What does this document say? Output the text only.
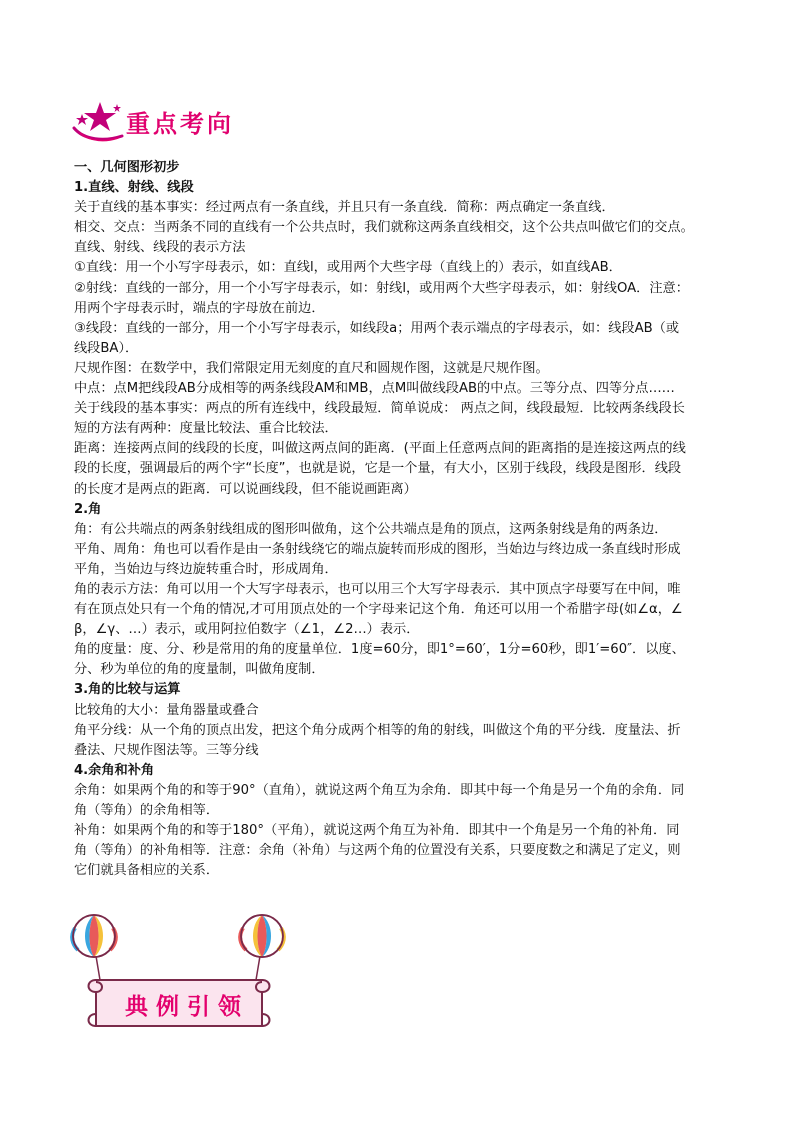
重点考向
一、几何图形初步
1.直线、射线、线段
关于直线的基本事实：经过两点有一条直线，并且只有一条直线．简称：两点确定一条直线．
相交、交点：当两条不同的直线有一个公共点时，我们就称这两条直线相交，这个公共点叫做它们的交点。
直线、射线、线段的表示方法
①直线：用一个小写字母表示，如：直线l，或用两个大些字母（直线上的）表示，如直线AB．
②射线：直线的一部分，用一个小写字母表示，如：射线l，或用两个大些字母表示，如：射线OA．注意：
用两个字母表示时，端点的字母放在前边．
③线段：直线的一部分，用一个小写字母表示，如线段a；用两个表示端点的字母表示，如：线段AB（或
线段BA）．
尺规作图：在数学中，我们常限定用无刻度的直尺和圆规作图，这就是尺规作图。
中点：点M把线段AB分成相等的两条线段AM和MB，点M叫做线段AB的中点。三等分点、四等分点……
关于线段的基本事实：两点的所有连线中，线段最短．简单说成： 两点之间，线段最短．比较两条线段长
短的方法有两种：度量比较法、重合比较法．
距离：连接两点间的线段的长度，叫做这两点间的距离．(平面上任意两点间的距离指的是连接这两点的线
段的长度，强调最后的两个字“长度”，也就是说，它是一个量，有大小，区别于线段，线段是图形．线段
的长度才是两点的距离．可以说画线段，但不能说画距离）
2.角
角：有公共端点的两条射线组成的图形叫做角，这个公共端点是角的顶点，这两条射线是角的两条边．
平角、周角：角也可以看作是由一条射线绕它的端点旋转而形成的图形，当始边与终边成一条直线时形成
平角，当始边与终边旋转重合时，形成周角．
角的表示方法：角可以用一个大写字母表示，也可以用三个大写字母表示．其中顶点字母要写在中间，唯
有在顶点处只有一个角的情况,才可用顶点处的一个字母来记这个角．角还可以用一个希腊字母(如∠α，∠
β，∠γ、…）表示，或用阿拉伯数字（∠1，∠2…）表示．
角的度量：度、分、秒是常用的角的度量单位．1度=60分，即1°=60′，1分=60秒，即1′=60″．以度、
分、秒为单位的角的度量制，叫做角度制．
3.角的比较与运算
比较角的大小：量角器量或叠合
角平分线：从一个角的顶点出发，把这个角分成两个相等的角的射线，叫做这个角的平分线．度量法、折
叠法、尺规作图法等。三等分线
4.余角和补角
余角：如果两个角的和等于90°（直角），就说这两个角互为余角．即其中每一个角是另一个角的余角．同
角（等角）的余角相等．
补角：如果两个角的和等于180°（平角），就说这两个角互为补角．即其中一个角是另一个角的补角．同
角（等角）的补角相等．注意：余角（补角）与这两个角的位置没有关系，只要度数之和满足了定义，则
它们就具备相应的关系．
典例引领
